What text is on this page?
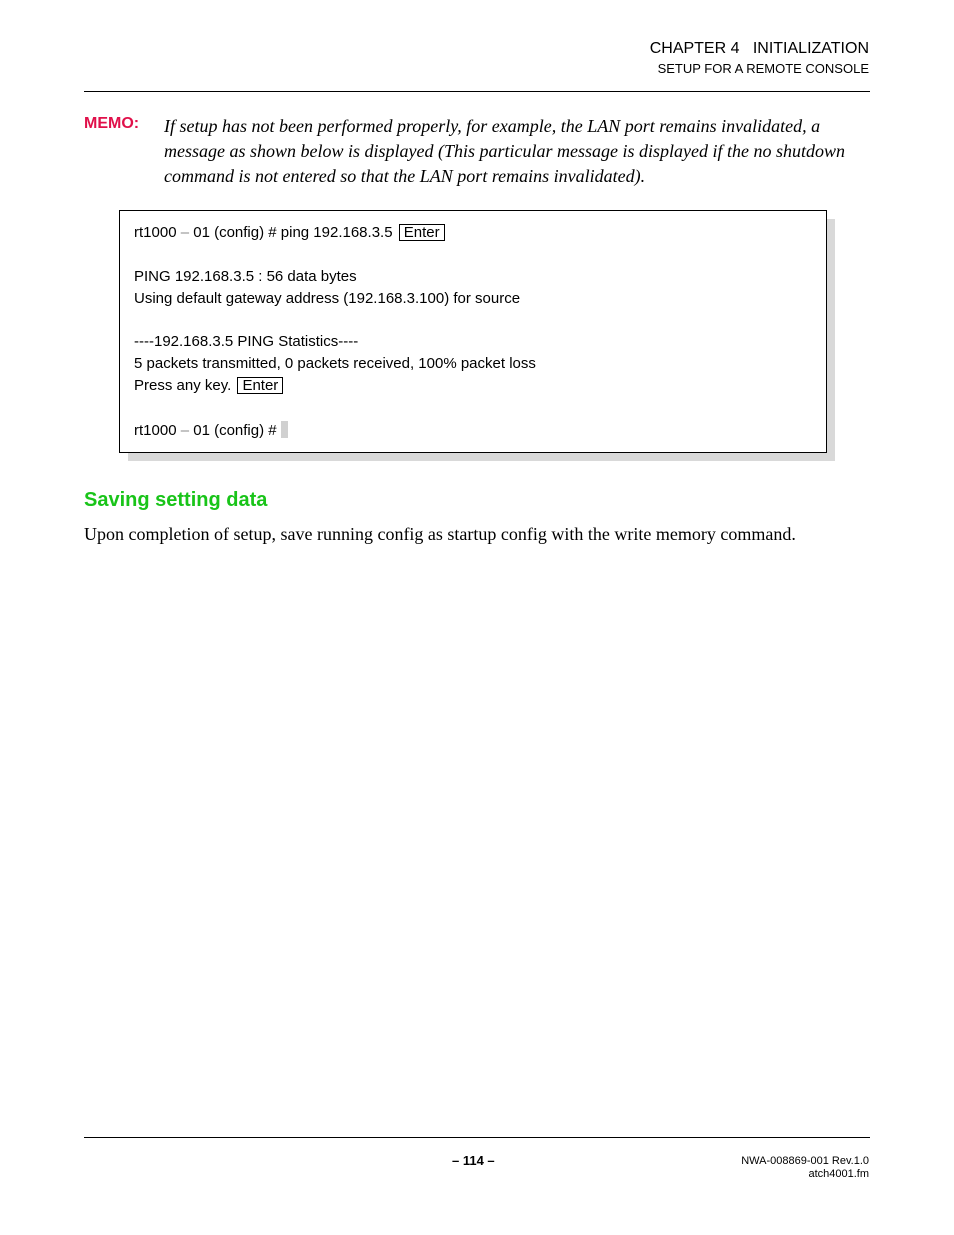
CHAPTER 4   INITIALIZATION
SETUP FOR A REMOTE CONSOLE
MEMO: If setup has not been performed properly, for example, the LAN port remains invalidated, a message as shown below is displayed (This particular message is displayed if the no shutdown command is not entered so that the LAN port remains invalidated).
rt1000 – 01 (config) # ping 192.168.3.5 Enter
PING 192.168.3.5 : 56 data bytes
Using default gateway address (192.168.3.100) for source
----192.168.3.5 PING Statistics----
5 packets transmitted, 0 packets received, 100% packet loss
Press any key. Enter
rt1000 – 01 (config) #
Saving setting data
Upon completion of setup, save running config as startup config with the write memory command.
– 114 –	NWA-008869-001 Rev.1.0
atch4001.fm
